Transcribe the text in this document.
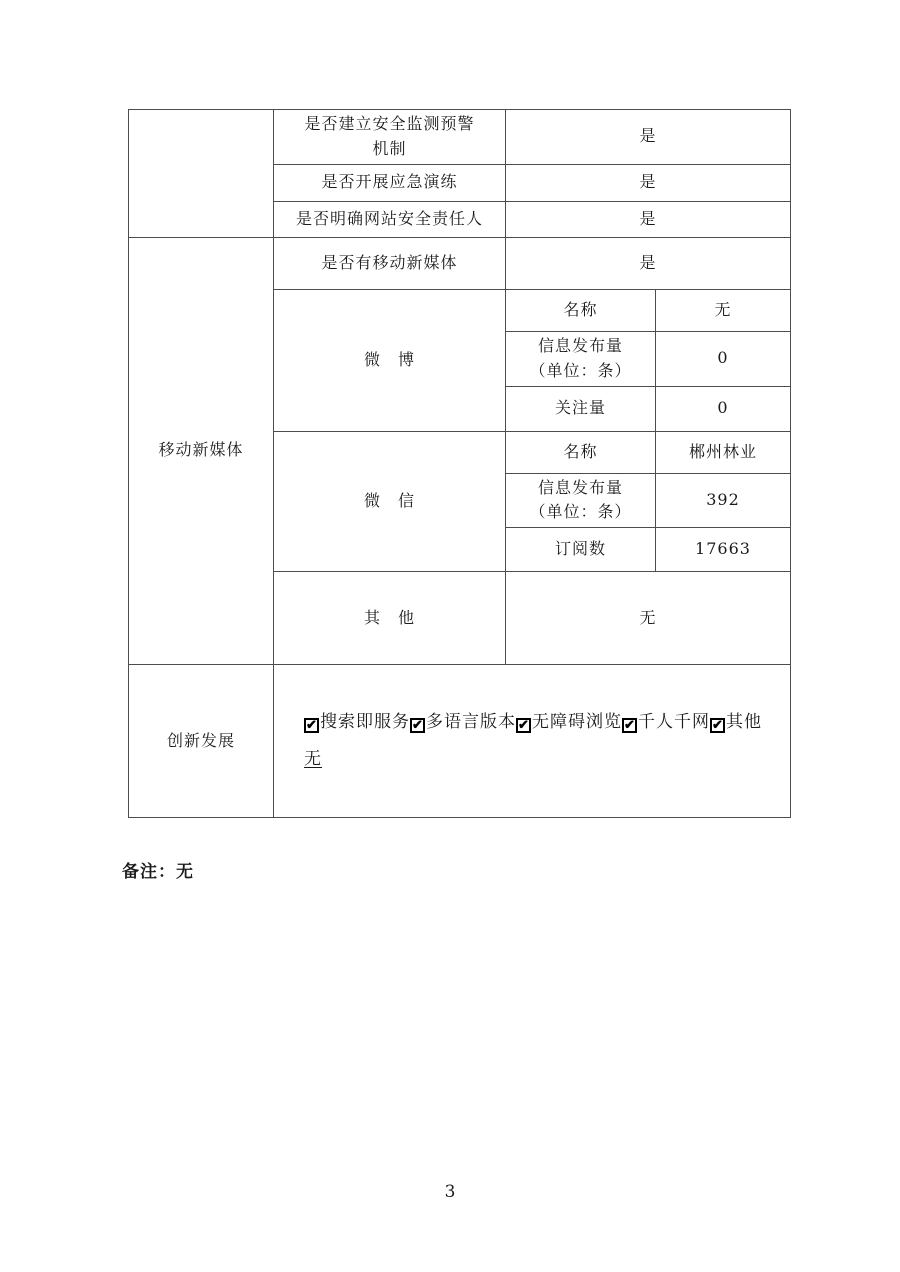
	是否建立安全监测预警机制	是	
	是否开展应急演练	是	
	是否明确网站安全责任人	是	
移动新媒体	是否有移动新媒体	是	
	微　博	名称	无
		信息发布量
（单位：条）	0
		关注量	0
	微　信	名称	郴州林业
		信息发布量
（单位：条）	392
		订阅数	17663
	其　他	无	
创新发展	✔ 搜索即服务 ✔ 多语言版本 ✔ 无障碍浏览 ✔ 千人千网 ✔ 其他
无		
备注：无
3
